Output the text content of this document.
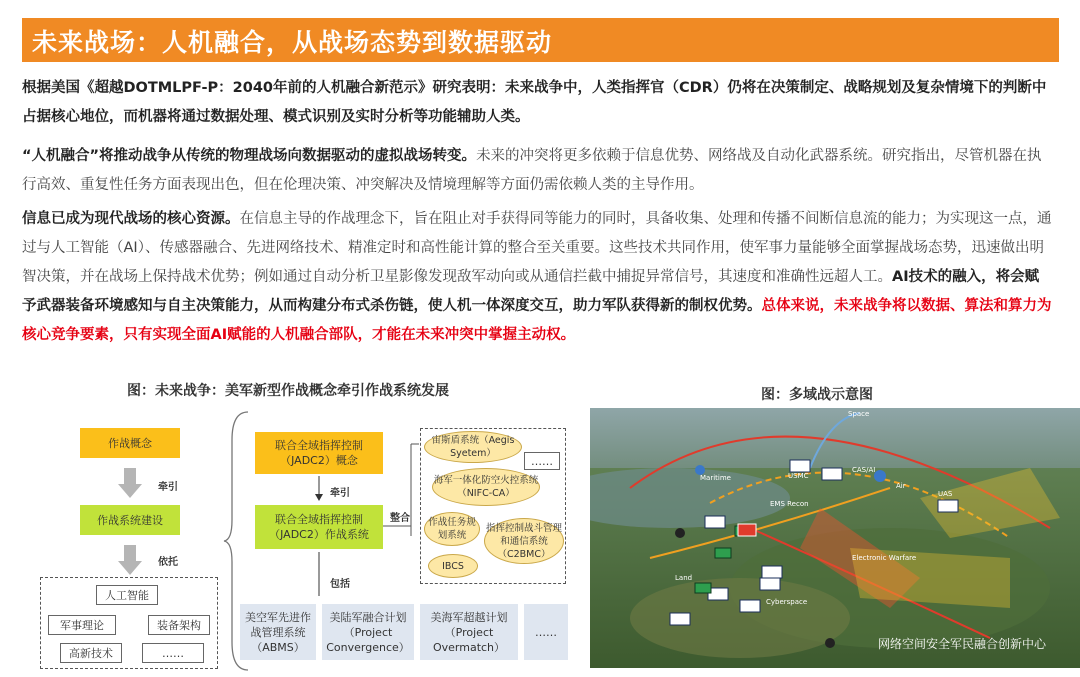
未来战场：人机融合，从战场态势到数据驱动

根据美国《超越DOTMLPF-P：2040年前的人机融合新范示》研究表明：未来战争中，人类指挥官（CDR）仍将在决策制定、战略规划及复杂情境下的判断中占据核心地位，而机器将通过数据处理、模式识别及实时分析等功能辅助人类。

“人机融合”将推动战争从传统的物理战场向数据驱动的虚拟战场转变。未来的冲突将更多依赖于信息优势、网络战及自动化武器系统。研究指出，尽管机器在执行高效、重复性任务方面表现出色，但在伦理决策、冲突解决及情境理解等方面仍需依赖人类的主导作用。

信息已成为现代战场的核心资源。在信息主导的作战理念下，旨在阻止对手获得同等能力的同时，具备收集、处理和传播不间断信息流的能力；为实现这一点，通过与人工智能（AI）、传感器融合、先进网络技术、精准定时和高性能计算的整合至关重要。这些技术共同作用，使军事力量能够全面掌握战场态势，迅速做出明智决策，并在战场上保持战术优势；例如通过自动分析卫星影像发现敌军动向或从通信拦截中捕捉异常信号，其速度和准确性远超人工。AI技术的融入，将会赋予武器装备环境感知与自主决策能力，从而构建分布式杀伤链，使人机一体深度交互，助力军队获得新的制权优势。总体来说，未来战争将以数据、算法和算力为核心竞争要素，只有实现全面AI赋能的人机融合部队，才能在未来冲突中掌握主动权。

图：未来战争：美军新型作战概念牵引作战系统发展	图：多域战示意图
作战概念
牵引
作战系统建设
依托
人工智能
军事理论	装备架构
高新技术	……
联合全域指挥控制（JADC2）概念
牵引
联合全域指挥控制（JADC2）作战系统
整合
包括
宙斯盾系统（Aegis Syetem）
……
海军一体化防空火控系统（NIFC-CA）
作战任务规划系统
指挥控制战斗管理和通信系统（C2BMC）
IBCS
美空军先进作战管理系统（ABMS）
美陆军融合计划（Project Convergence）
美海军超越计划（Project Overmatch）
……
Space
Maritime	USMC
Air
Land
Cyberspace
Electronic Warfare
UAS
EMS Recon
CAS/AI
网络空间安全军民融合创新中心
